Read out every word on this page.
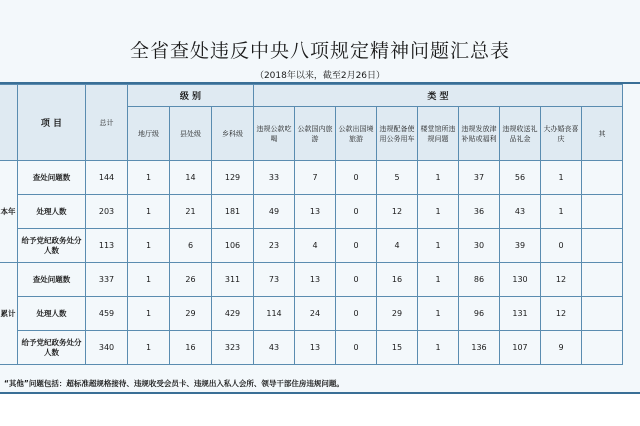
全省查处违反中央八项规定精神问题汇总表
（2018年以来，截至2月26日）
	项 目	总计	级 别			类 型								
			地厅级	县处级	乡科级	违规公款吃喝	公款国内旅游	公款出国境旅游	违规配备使用公务用车	楼堂馆所违规问题	违规发放津补贴或福利	违规收送礼品礼金	大办婚丧喜庆	其
本年	查处问题数	144	1	14	129	33	7	0	5	1	37	56	1	
	处理人数	203	1	21	181	49	13	0	12	1	36	43	1	
	给予党纪政务处分人数	113	1	6	106	23	4	0	4	1	30	39	0	
累计	查处问题数	337	1	26	311	73	13	0	16	1	86	130	12	
	处理人数	459	1	29	429	114	24	0	29	1	96	131	12	
	给予党纪政务处分人数	340	1	16	323	43	13	0	15	1	136	107	9	
“其他”问题包括：超标准超规格接待、违规收受会员卡、违规出入私人会所、领导干部住房违规问题。
